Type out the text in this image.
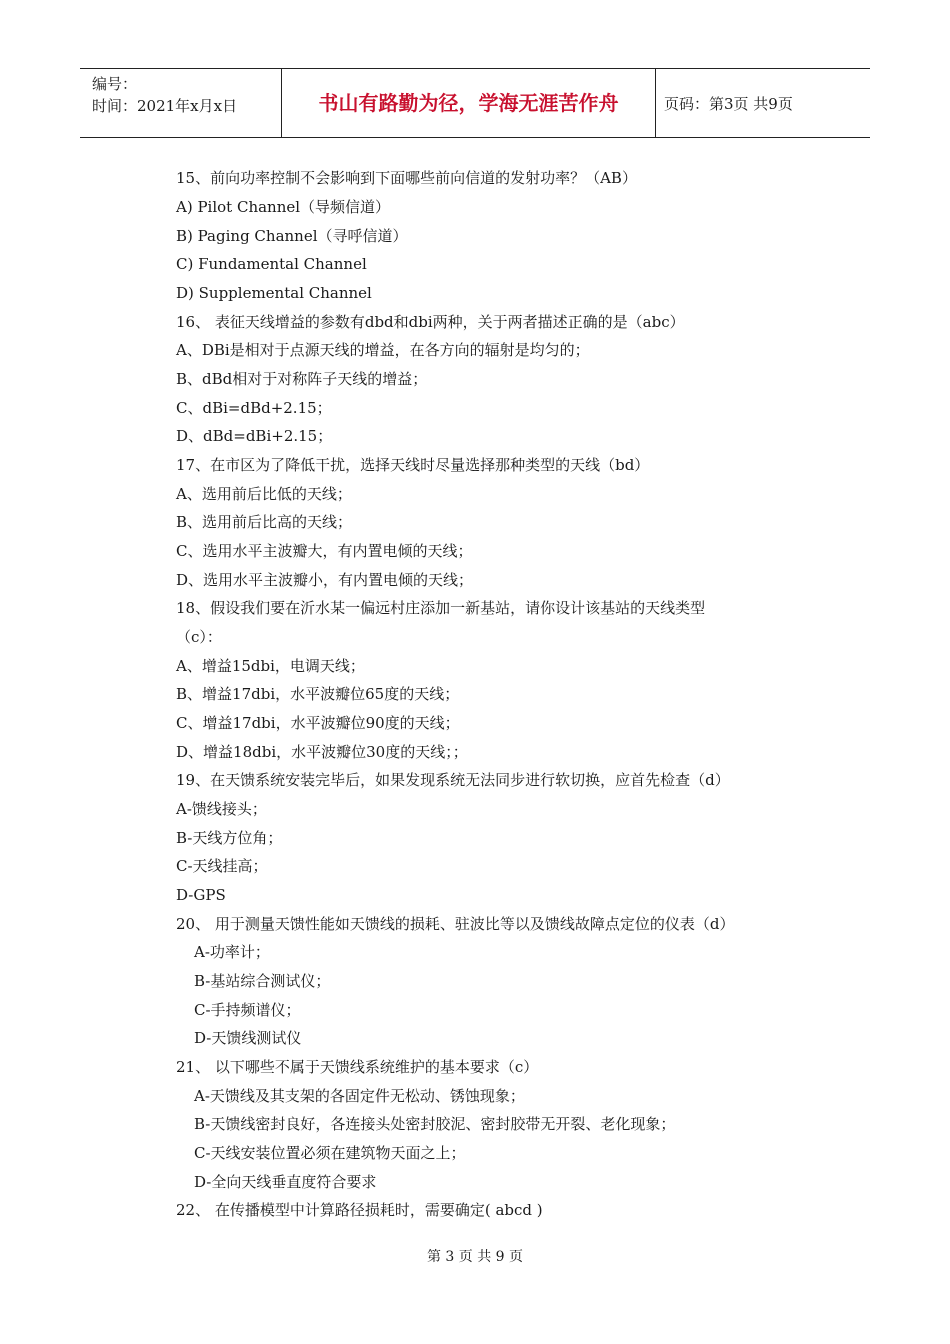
编号：
时间：2021年x月x日	书山有路勤为径，学海无涯苦作舟	页码：第3页 共9页
15、前向功率控制不会影响到下面哪些前向信道的发射功率？（AB）
A) Pilot Channel（导频信道）
B) Paging Channel（寻呼信道）
C) Fundamental Channel
D) Supplemental Channel
16、 表征天线增益的参数有dbd和dbi两种，关于两者描述正确的是（abc）
A、DBi是相对于点源天线的增益，在各方向的辐射是均匀的；
B、dBd相对于对称阵子天线的增益；
C、dBi=dBd+2.15；
D、dBd=dBi+2.15；
17、在市区为了降低干扰，选择天线时尽量选择那种类型的天线（bd）
A、选用前后比低的天线；
B、选用前后比高的天线；
C、选用水平主波瓣大，有内置电倾的天线；
D、选用水平主波瓣小，有内置电倾的天线；
18、假设我们要在沂水某一偏远村庄添加一新基站，请你设计该基站的天线类型
（c）：
A、增益15dbi，电调天线；
B、增益17dbi，水平波瓣位65度的天线；
C、增益17dbi，水平波瓣位90度的天线；
D、增益18dbi，水平波瓣位30度的天线；；
19、在天馈系统安装完毕后，如果发现系统无法同步进行软切换，应首先检查（d）
A-馈线接头；
B-天线方位角；
C-天线挂高；
D-GPS
20、 用于测量天馈性能如天馈线的损耗、驻波比等以及馈线故障点定位的仪表（d）
A-功率计；
B-基站综合测试仪；
C-手持频谱仪；
D-天馈线测试仪
21、 以下哪些不属于天馈线系统维护的基本要求（c）
A-天馈线及其支架的各固定件无松动、锈蚀现象；
B-天馈线密封良好，各连接头处密封胶泥、密封胶带无开裂、老化现象；
C-天线安装位置必须在建筑物天面之上；
D-全向天线垂直度符合要求
22、 在传播模型中计算路径损耗时，需要确定( abcd )
第 3 页 共 9 页
